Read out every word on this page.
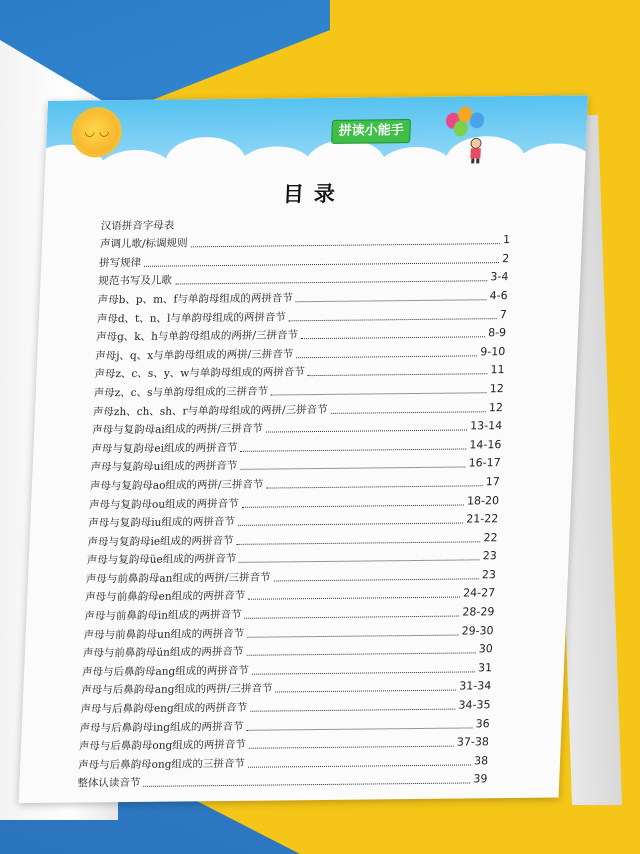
◡ ◡	拼读小能手
目录
汉语拼音字母表
声调儿歌/标调规则	1
拼写规律	2
规范书写及儿歌	3-4
声母b、p、m、f与单韵母组成的两拼音节	4-6
声母d、t、n、l与单韵母组成的两拼音节	7
声母g、k、h与单韵母组成的两拼/三拼音节	8-9
声母j、q、x与单韵母组成的两拼/三拼音节	9-10
声母z、c、s、y、w与单韵母组成的两拼音节	11
声母z、c、s与单韵母组成的三拼音节	12
声母zh、ch、sh、r与单韵母组成的两拼/三拼音节	12
声母与复韵母ai组成的两拼/三拼音节	13-14
声母与复韵母ei组成的两拼音节	14-16
声母与复韵母ui组成的两拼音节	16-17
声母与复韵母ao组成的两拼/三拼音节	17
声母与复韵母ou组成的两拼音节	18-20
声母与复韵母iu组成的两拼音节	21-22
声母与复韵母ie组成的两拼音节	22
声母与复韵母üe组成的两拼音节	23
声母与前鼻韵母an组成的两拼/三拼音节	23
声母与前鼻韵母en组成的两拼音节	24-27
声母与前鼻韵母in组成的两拼音节	28-29
声母与前鼻韵母un组成的两拼音节	29-30
声母与前鼻韵母ün组成的两拼音节	30
声母与后鼻韵母ang组成的两拼音节	31
声母与后鼻韵母ang组成的两拼/三拼音节	31-34
声母与后鼻韵母eng组成的两拼音节	34-35
声母与后鼻韵母ing组成的两拼音节	36
声母与后鼻韵母ong组成的两拼音节	37-38
声母与后鼻韵母ong组成的三拼音节	38
整体认读音节	39
